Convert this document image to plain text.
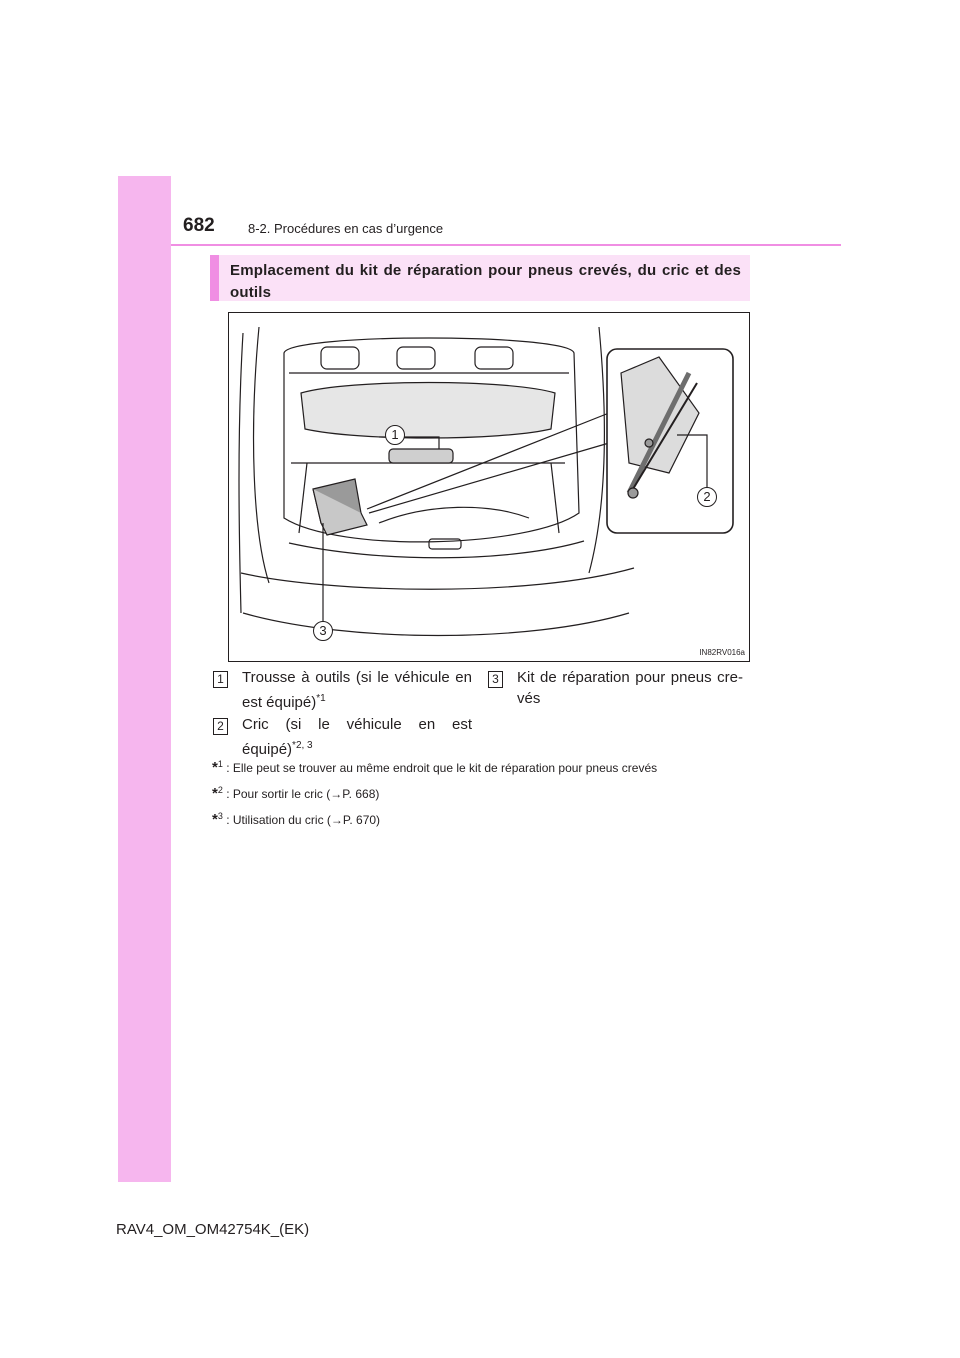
682	8-2. Procédures en cas d’urgence
Emplacement du kit de réparation pour pneus crevés, du cric et des outils
1
2
3
IN82RV016a
1 Trousse à outils (si le véhicule en est équipé)$^{*1}$
2 Cric (si le véhicule en est équipé)$^{*2, 3}$
3 Kit de réparation pour pneus crevés
*$^1$ : Elle peut se trouver au même endroit que le kit de réparation pour pneus crevés
*$^2$ : Pour sortir le cric (→P. 668)
*$^3$ : Utilisation du cric (→P. 670)
RAV4_OM_OM42754K_(EK)
